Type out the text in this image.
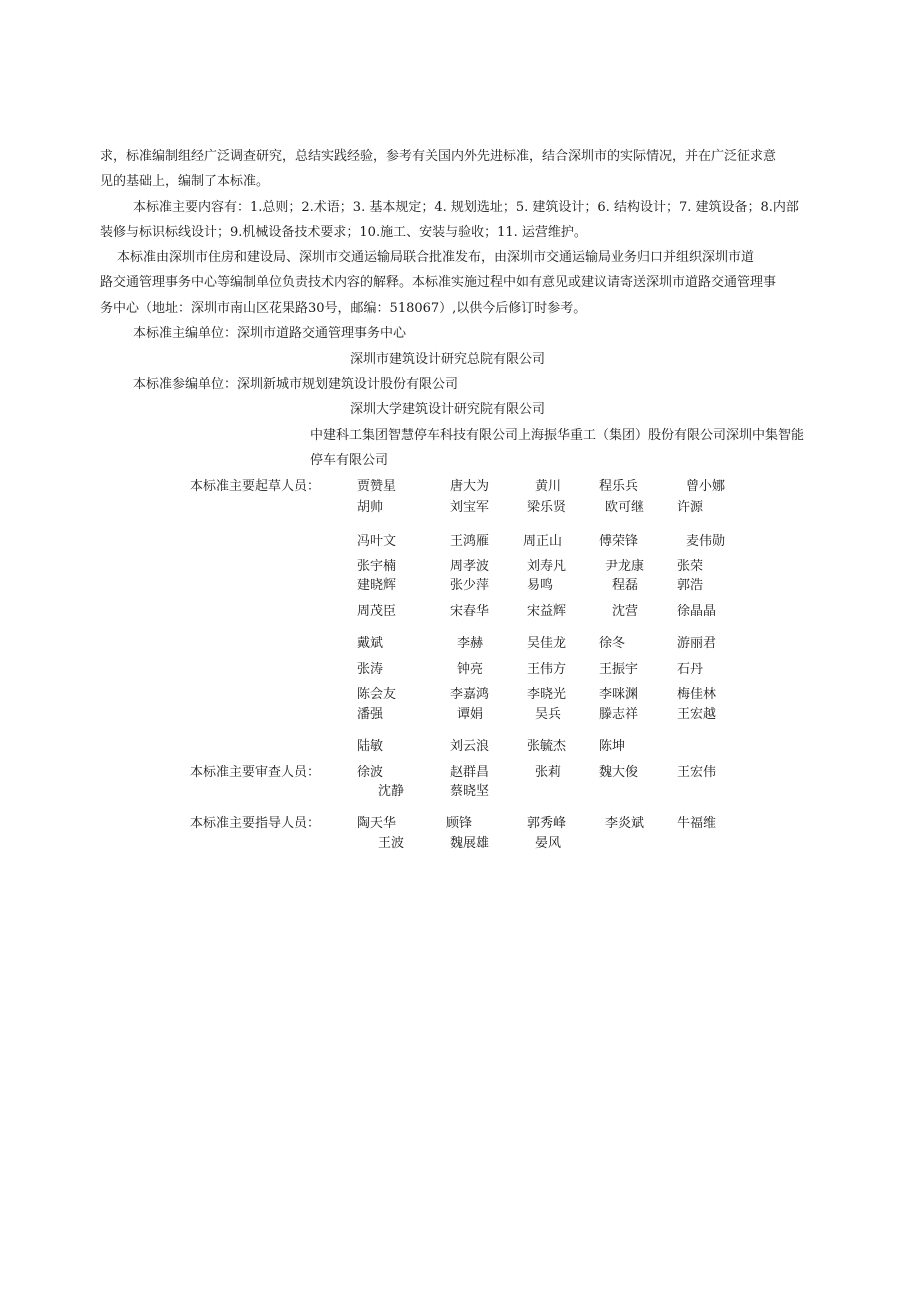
求，标准编制组经广泛调查研究，总结实践经验，参考有关国内外先进标准，结合深圳市的实际情况，并在广泛征求意
见的基础上，编制了本标准。
本标准主要内容有：1.总则；2.术语；3. 基本规定；4. 规划选址；5. 建筑设计；6. 结构设计；7. 建筑设备；8.内部
装修与标识标线设计；9.机械设备技术要求；10.施工、安装与验收；11. 运营维护。
本标准由深圳市住房和建设局、深圳市交通运输局联合批准发布，由深圳市交通运输局业务归口并组织深圳市道
路交通管理事务中心等编制单位负责技术内容的解释。本标准实施过程中如有意见或建议请寄送深圳市道路交通管理事
务中心（地址：深圳市南山区花果路30号，邮编：518067）,以供今后修订时参考。
本标准主编单位：深圳市道路交通管理事务中心
深圳市建筑设计研究总院有限公司
本标准参编单位：深圳新城市规划建筑设计股份有限公司
深圳大学建筑设计研究院有限公司
中建科工集团智慧停车科技有限公司上海振华重工（集团）股份有限公司深圳中集智能
停车有限公司
本标准主要起草人员：	贾赞星	唐大为	黄川	程乐兵	曾小娜
胡帅	刘宝军	梁乐贤	欧可继	许源
冯叶文	王鸿雁	周正山	傅荣锋	麦伟勋
张宇楠	周孝波	刘寿凡	尹龙康	张荣
建晓辉	张少萍	易鸣	程磊	郭浩
周茂臣	宋春华	宋益辉	沈营	徐晶晶
戴斌	李赫	吴佳龙	徐冬	游丽君
张涛	钟亮	王伟方	王振宇	石丹
陈会友	李嘉鸿	李晓光	李咪渊	梅佳林
潘强	谭娟	吴兵	滕志祥	王宏越
陆敏	刘云浪	张毓杰	陈坤
本标准主要审查人员：	徐波	赵群昌	张莉	魏大俊	王宏伟
沈静	蔡晓坚
本标准主要指导人员：	陶天华	顾锋	郭秀峰	李炎斌	牛福维
王波	魏展雄	晏风
